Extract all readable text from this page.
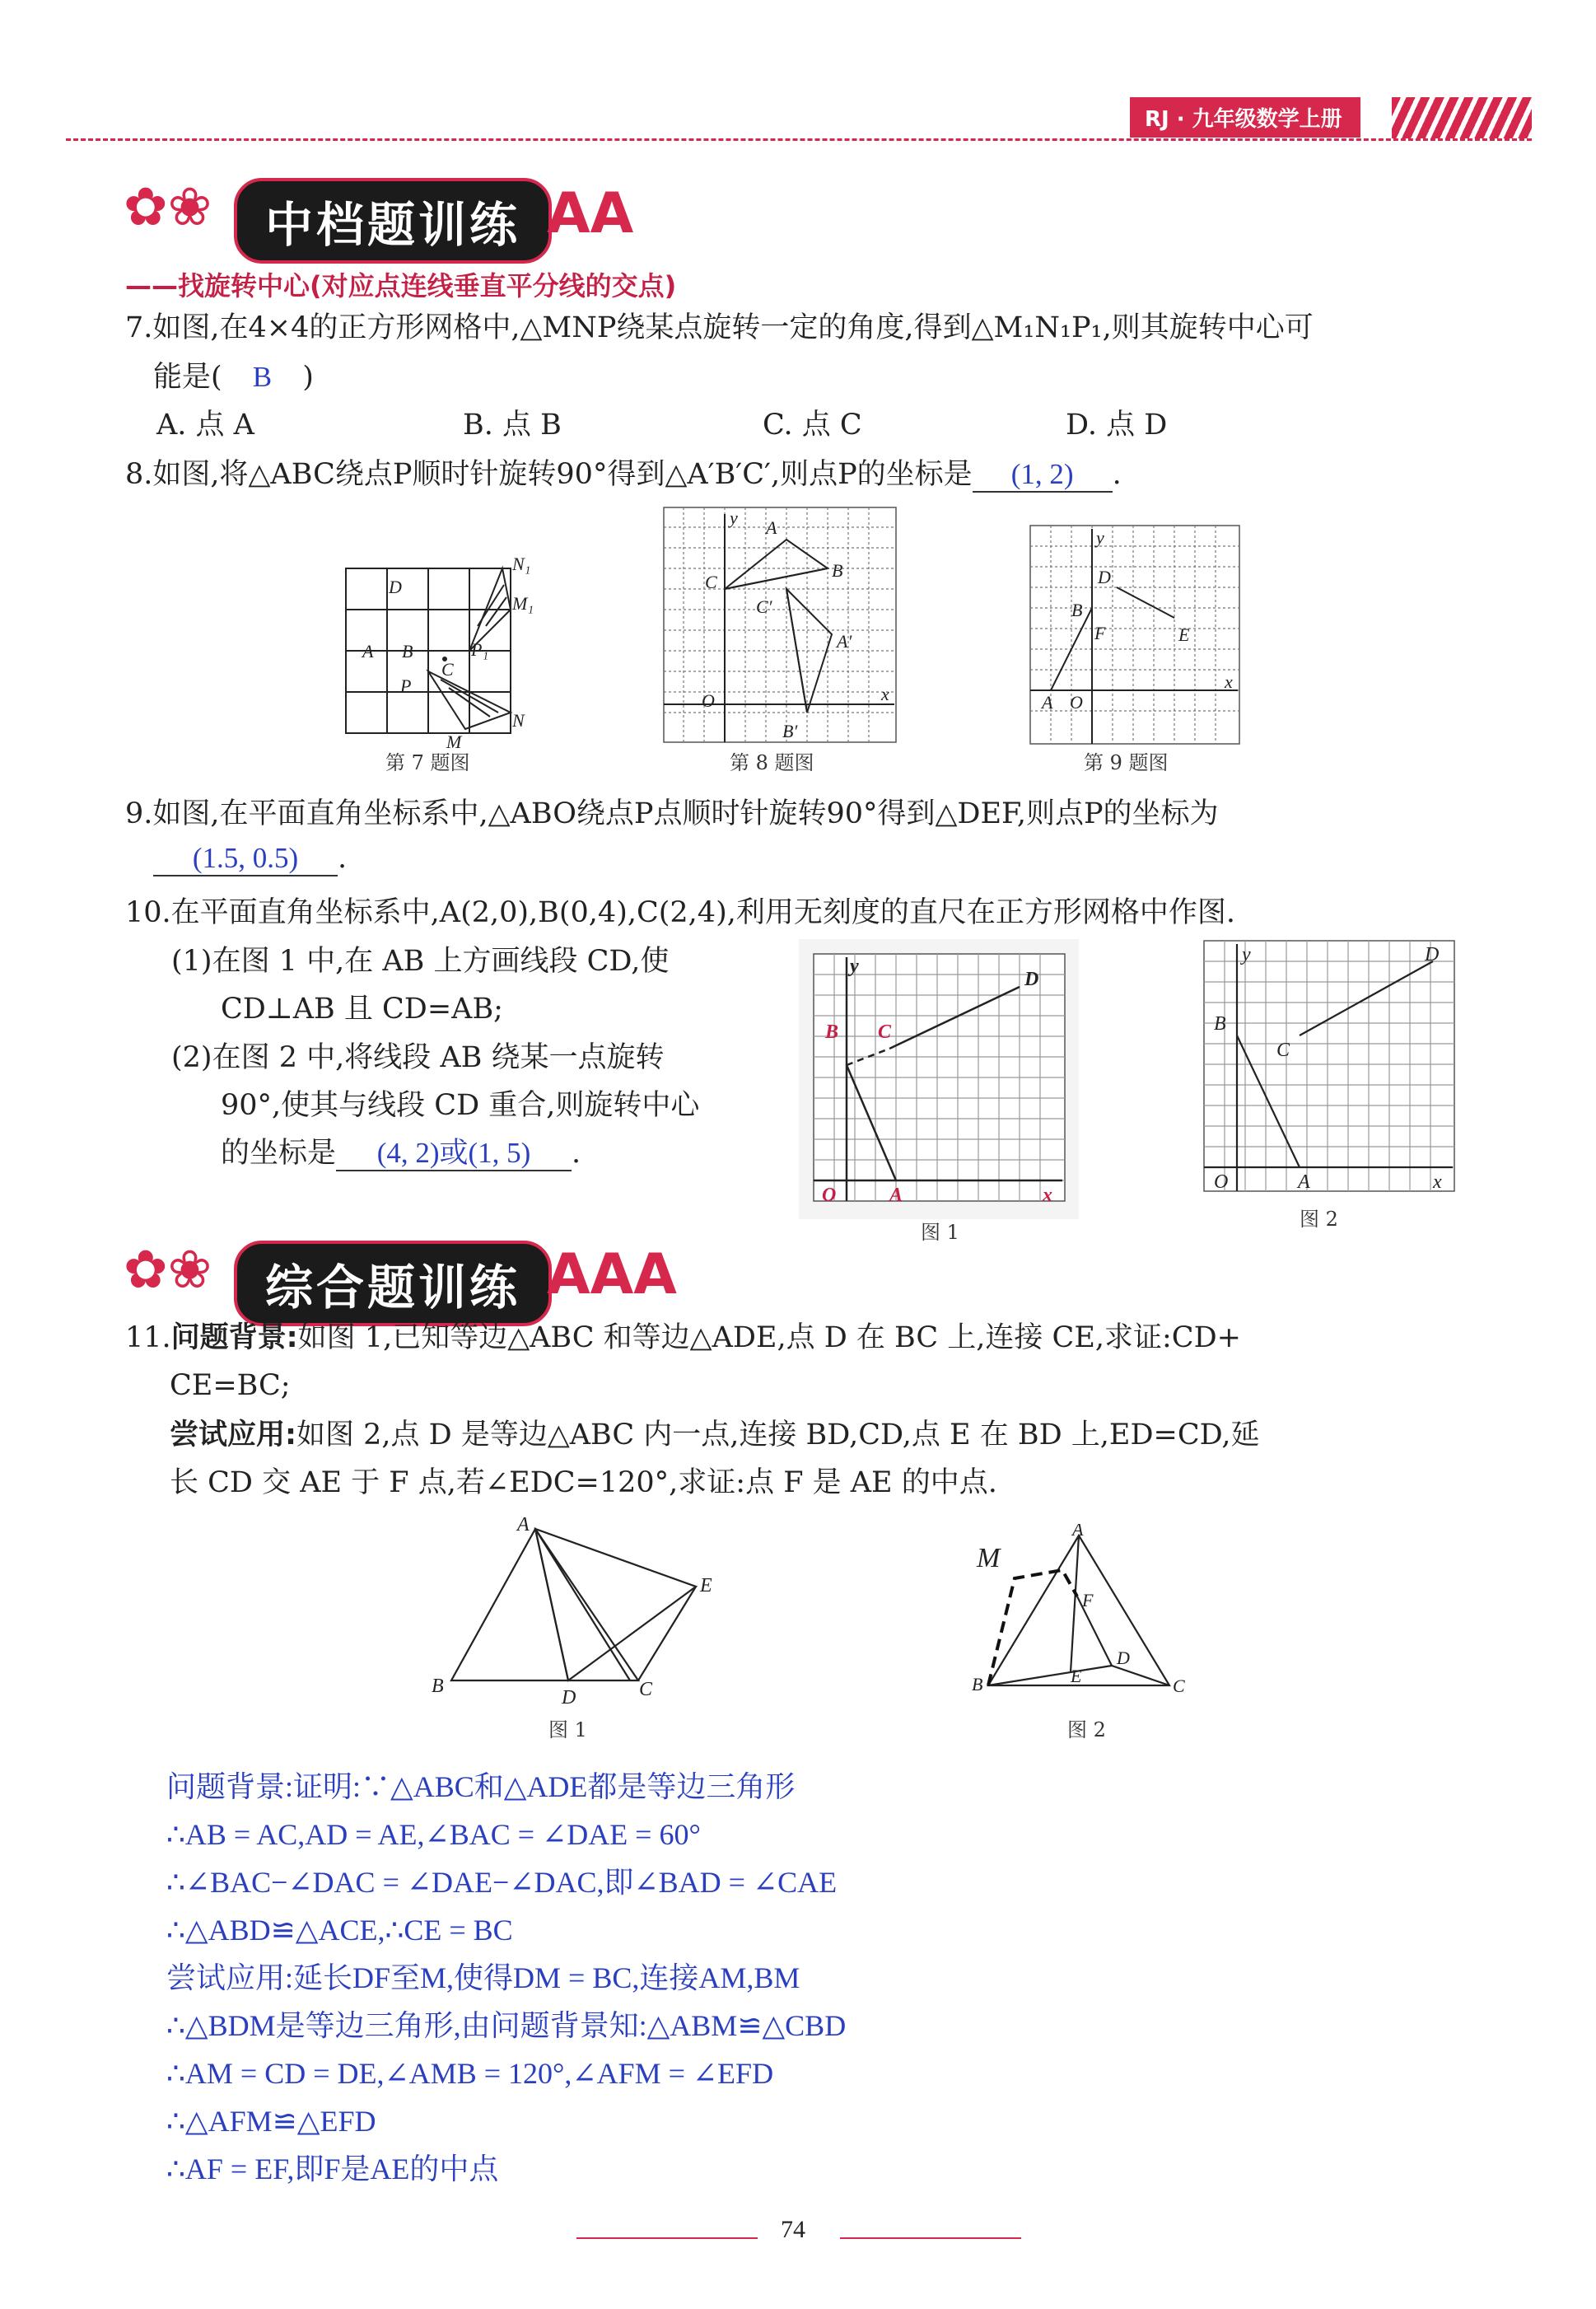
RJ · 九年级数学上册
✿❀	中档题训练 AA
——找旋转中心(对应点连线垂直平分线的交点)
7.如图,在4×4的正方形网格中,△MNP绕某点旋转一定的角度,得到△M₁N₁P₁,则其旋转中心可
能是( B )
A. 点 A	B. 点 B	C. 点 C	D. 点 D
8.如图,将△ABC绕点P顺时针旋转90°得到△A′B′C′,则点P的坐标是 (1, 2) .
N₁
M₁
D
A B
C
P₁
P
M
N
第 7 题图
y A
C
B
C′
A′
O
B′
x
第 8 题图
y
D
B
F	E
A O
x
第 9 题图
9.如图,在平面直角坐标系中,△ABO绕点P点顺时针旋转90°得到△DEF,则点P的坐标为
(1.5, 0.5) .
10.在平面直角坐标系中,A(2,0),B(0,4),C(2,4),利用无刻度的直尺在正方形网格中作图.
(1)在图 1 中,在 AB 上方画线段 CD,使
CD⊥AB 且 CD=AB;
(2)在图 2 中,将线段 AB 绕某一点旋转
90°,使其与线段 CD 重合,则旋转中心
的坐标是 (4, 2)或(1, 5) .
y
B C
D
O	A	x
图 1
y	D
B
C
O	A	x
图 2
✿❀	综合题训练 AAA
11.问题背景:如图 1,已知等边△ABC 和等边△ADE,点 D 在 BC 上,连接 CE,求证:CD+
CE=BC;
尝试应用:如图 2,点 D 是等边△ABC 内一点,连接 BD,CD,点 E 在 BD 上,ED=CD,延
长 CD 交 AE 于 F 点,若∠EDC=120°,求证:点 F 是 AE 的中点.
A
E
B
D	C
图 1
M
A
F
E
D
B	C
图 2
问题背景:证明:∵△ABC和△ADE都是等边三角形
∴AB = AC,AD = AE,∠BAC = ∠DAE = 60°
∴∠BAC−∠DAC = ∠DAE−∠DAC,即∠BAD = ∠CAE
∴△ABD≌△ACE,∴CE = BC
尝试应用:延长DF至M,使得DM = BC,连接AM,BM
∴△BDM是等边三角形,由问题背景知:△ABM≌△CBD
∴AM = CD = DE,∠AMB = 120°,∠AFM = ∠EFD
∴△AFM≌△EFD
∴AF = EF,即F是AE的中点
74
